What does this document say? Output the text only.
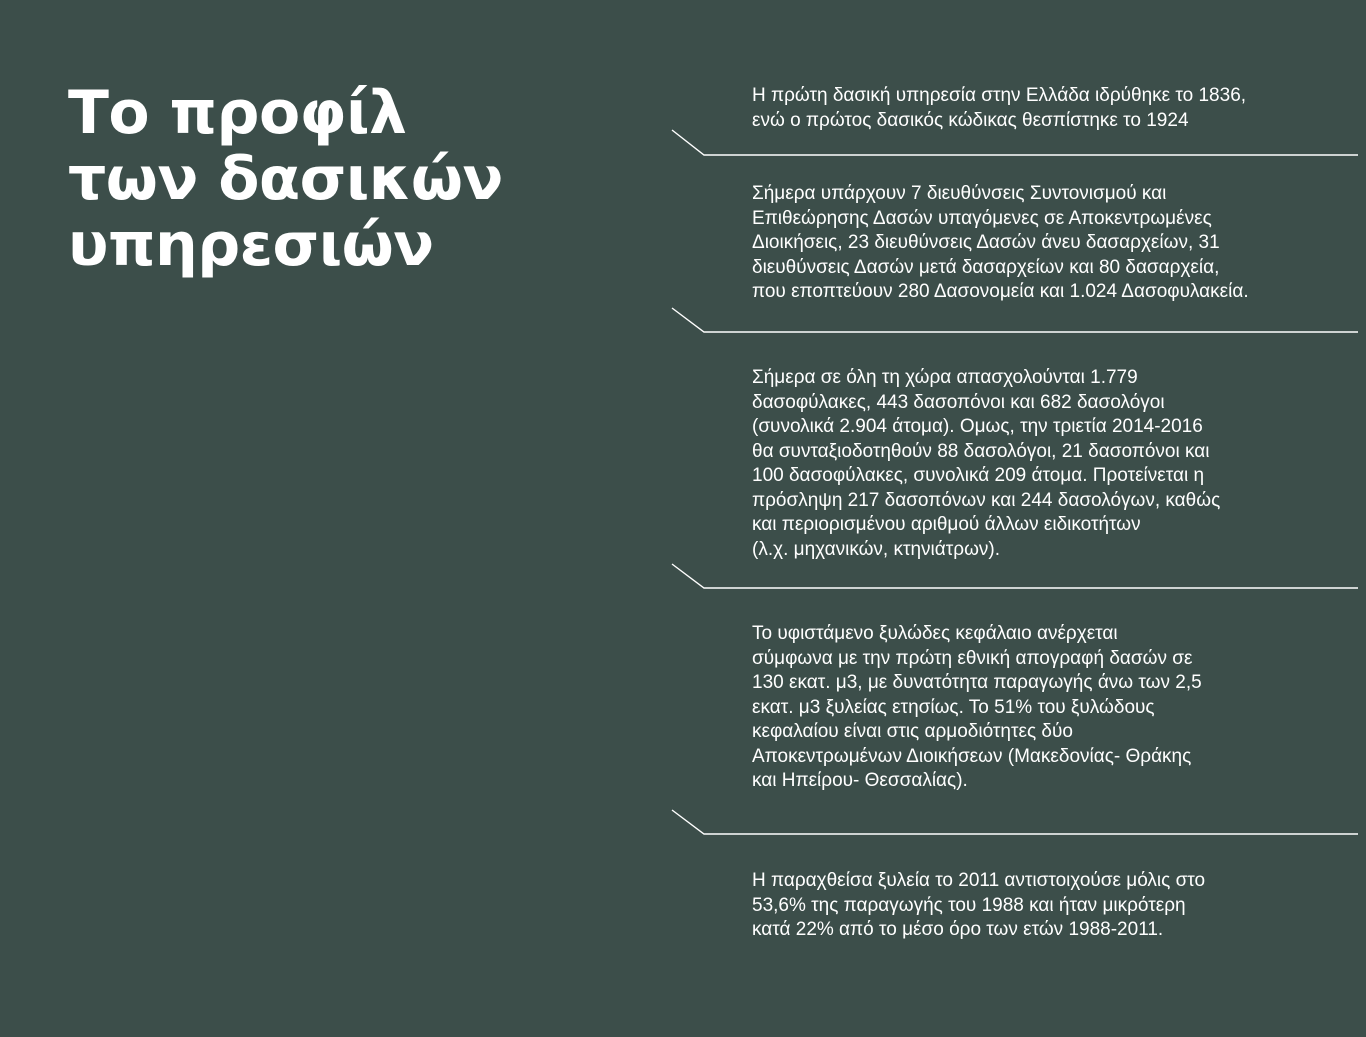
Το προφίλ
των δασικών
υπηρεσιών

Η πρώτη δασική υπηρεσία στην Ελλάδα ιδρύθηκε το 1836,
ενώ ο πρώτος δασικός κώδικας θεσπίστηκε το 1924

Σήμερα υπάρχουν 7 διευθύνσεις Συντονισμού και
Επιθεώρησης Δασών υπαγόμενες σε Αποκεντρωμένες
Διοικήσεις, 23 διευθύνσεις Δασών άνευ δασαρχείων, 31
διευθύνσεις Δασών μετά δασαρχείων και 80 δασαρχεία,
που εποπτεύουν 280 Δασονομεία και 1.024 Δασοφυλακεία.

Σήμερα σε όλη τη χώρα απασχολούνται 1.779
δασοφύλακες, 443 δασοπόνοι και 682 δασολόγοι
(συνολικά 2.904 άτομα). Ομως, την τριετία 2014-2016
θα συνταξιοδοτηθούν 88 δασολόγοι, 21 δασοπόνοι και
100 δασοφύλακες, συνολικά 209 άτομα. Προτείνεται η
πρόσληψη 217 δασοπόνων και 244 δασολόγων, καθώς
και περιορισμένου αριθμού άλλων ειδικοτήτων
(λ.χ. μηχανικών, κτηνιάτρων).

Το υφιστάμενο ξυλώδες κεφάλαιο ανέρχεται
σύμφωνα με την πρώτη εθνική απογραφή δασών σε
130 εκατ. μ3, με δυνατότητα παραγωγής άνω των 2,5
εκατ. μ3 ξυλείας ετησίως. Το 51% του ξυλώδους
κεφαλαίου είναι στις αρμοδιότητες δύο
Αποκεντρωμένων Διοικήσεων (Μακεδονίας- Θράκης
και Ηπείρου- Θεσσαλίας).

Η παραχθείσα ξυλεία το 2011 αντιστοιχούσε μόλις στο
53,6% της παραγωγής του 1988 και ήταν μικρότερη
κατά 22% από το μέσο όρο των ετών 1988-2011.
